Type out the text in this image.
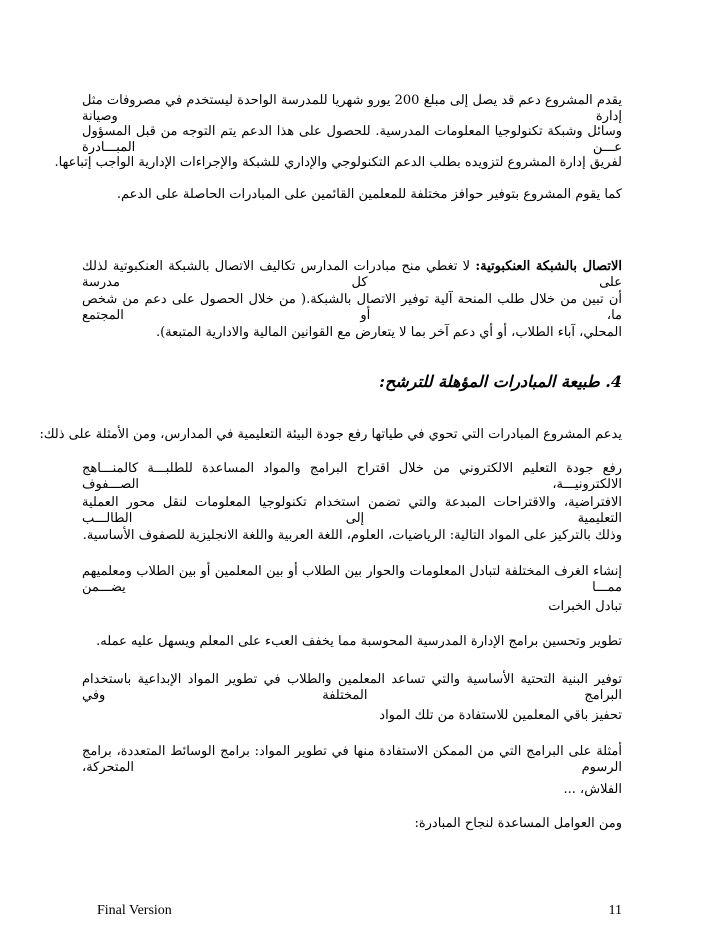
يقدم المشروع دعم قد يصل إلى مبلغ 200 يورو شهريا للمدرسة الواحدة ليستخدم في مصروفات مثل إدارة وصيانة
وسائل وشبكة تكنولوجيا المعلومات المدرسية. للحصول على هذا الدعم يتم التوجه من قبل المسؤول عـــن المبـــادرة
لفريق إدارة المشروع لتزويده بطلب الدعم التكنولوجي والإداري للشبكة والإجراءات الإدارية الواجب إتباعها.
كما يقوم المشروع بتوفير حوافز مختلفة للمعلمين القائمين على المبادرات الحاصلة على الدعم.
الاتصال بالشبكة العنكبوتية: لا تغطي منح مبادرات المدارس تكاليف الاتصال بالشبكة العنكبوتية لذلك على كل مدرسة
أن تبين من خلال طلب المنحة آلية توفير الاتصال بالشبكة.( من خلال الحصول على دعم من شخص ما، أو المجتمع
المحلي، آباء الطلاب، أو أي دعم آخر بما لا يتعارض مع القوانين المالية والادارية المتبعة).
4. طبيعة المبادرات المؤهلة للترشح:
يدعم المشروع المبادرات التي تحوي في طياتها رفع جودة البيئة التعليمية في المدارس، ومن الأمثلة على ذلك:
رفع جودة التعليم الالكتروني من خلال اقتراح البرامج والمواد المساعدة للطلبـــة كالمنـــاهج الالكترونيـــة، الصـــفوف
الافتراضية، والاقتراحات المبدعة والتي تضمن استخدام تكنولوجيا المعلومات لنقل محور العملية التعليمية إلى الطالـــب
وذلك بالتركيز على المواد التالية: الرياضيات، العلوم، اللغة العربية واللغة الانجليزية للصفوف الأساسية.
إنشاء الغرف المختلفة لتبادل المعلومات والحوار بين الطلاب أو بين المعلمين أو بين الطلاب ومعلميهم ممـــا يضـــمن
تبادل الخبرات
تطوير وتحسين برامج الإدارة المدرسية المحوسبة مما يخفف العبء على المعلم ويسهل عليه عمله.
توفير البنية التحتية الأساسية والتي تساعد المعلمين والطلاب في تطوير المواد الإبداعية باستخدام البرامج المختلفة وفي
تحفيز باقي المعلمين للاستفادة من تلك المواد
أمثلة على البرامج التي من الممكن الاستفادة منها في تطوير المواد: برامج الوسائط المتعددة، برامج الرسوم المتحركة،
الفلاش، ...
ومن العوامل المساعدة لنجاح المبادرة:
Final Version	11
